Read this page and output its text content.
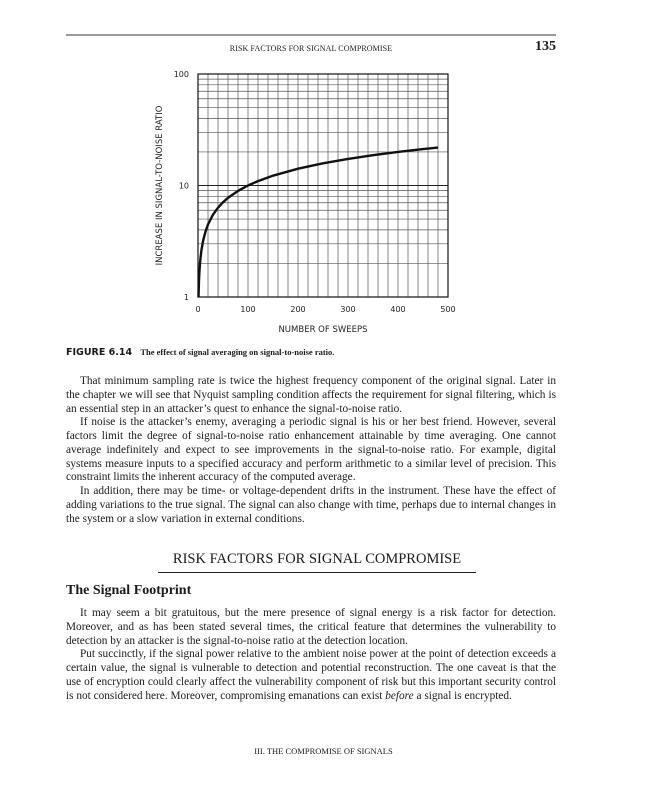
RISK FACTORS FOR SIGNAL COMPROMISE	135
0	100	200	300	400	500
1
10
100
NUMBER OF SWEEPS
INCREASE IN SIGNAL-TO-NOISE RATIO
FIGURE 6.14 The effect of signal averaging on signal-to-noise ratio.

That minimum sampling rate is twice the highest frequency component of the original signal. Later in the chapter we will see that Nyquist sampling condition affects the requirement for signal filtering, which is an essential step in an attacker’s quest to enhance the signal-to-noise ratio.

If noise is the attacker’s enemy, averaging a periodic signal is his or her best friend. However, several factors limit the degree of signal-to-noise ratio enhancement attainable by time averaging. One cannot average indefinitely and expect to see improvements in the signal-to-noise ratio. For example, digital systems measure inputs to a specified accuracy and perform arithmetic to a similar level of precision. This constraint limits the inherent accuracy of the computed average.

In addition, there may be time- or voltage-dependent drifts in the instrument. These have the effect of adding variations to the true signal. The signal can also change with time, perhaps due to internal changes in the system or a slow variation in external conditions.

RISK FACTORS FOR SIGNAL COMPROMISE
The Signal Footprint

It may seem a bit gratuitous, but the mere presence of signal energy is a risk factor for detection. Moreover, and as has been stated several times, the critical feature that determines the vulnerability to detection by an attacker is the signal-to-noise ratio at the detection location.

Put succinctly, if the signal power relative to the ambient noise power at the point of detection exceeds a certain value, the signal is vulnerable to detection and potential reconstruction. The one caveat is that the use of encryption could clearly affect the vulnerability component of risk but this important security control is not considered here. Moreover, compromising emanations can exist before a signal is encrypted.

III. THE COMPROMISE OF SIGNALS
